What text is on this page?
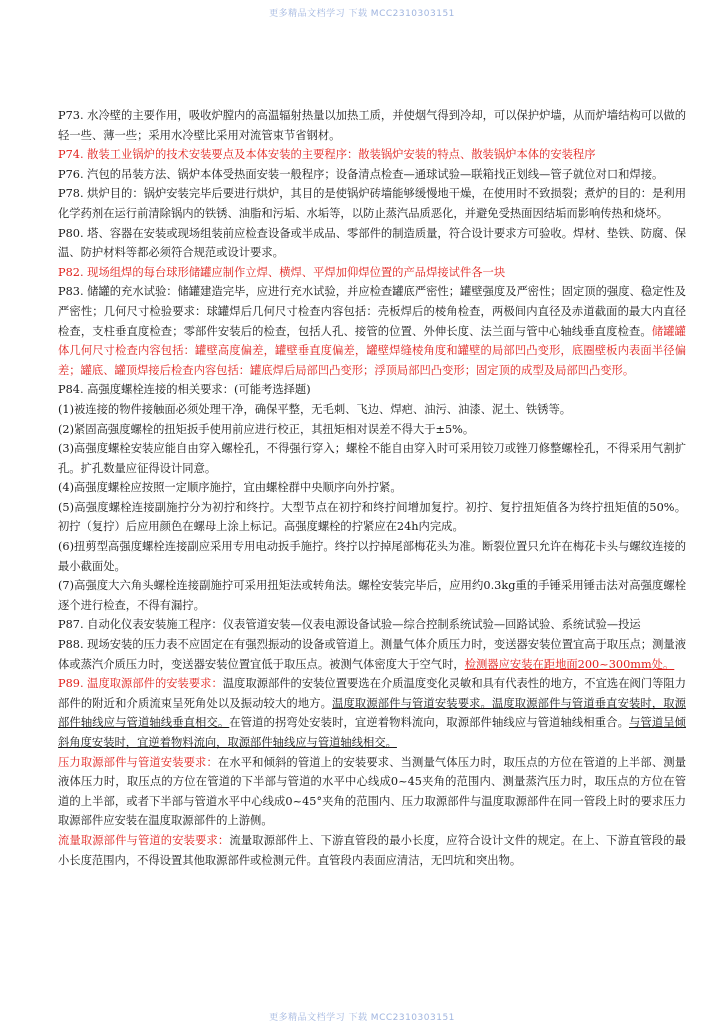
更多精品文档学习 下载 MCC2310303151

P73. 水冷壁的主要作用，吸收炉膛内的高温辐射热量以加热工质，并使烟气得到冷却，可以保护炉墙，从而炉墙结构可以做的轻一些、薄一些；采用水冷壁比采用对流管束节省钢材。

P74. 散装工业锅炉的技术安装要点及本体安装的主要程序：散装锅炉安装的特点、散装锅炉本体的安装程序

P76. 汽包的吊装方法、锅炉本体受热面安装一般程序；设备清点检查—通球试验—联箱找正划线—管子就位对口和焊接。

P78. 烘炉目的：锅炉安装完毕后要进行烘炉，其目的是使锅炉砖墙能够缓慢地干燥，在使用时不致损裂；煮炉的目的：是利用化学药剂在运行前清除锅内的铁锈、油脂和污垢、水垢等，以防止蒸汽品质恶化，并避免受热面因结垢而影响传热和烧坏。

P80. 塔、容器在安装或现场组装前应检查设备或半成品、零部件的制造质量，符合设计要求方可验收。焊材、垫铁、防腐、保温、防护材料等都必须符合规范或设计要求。

P82. 现场组焊的每台球形储罐应制作立焊、横焊、平焊加仰焊位置的产品焊接试件各一块

P83. 储罐的充水试验：储罐建造完毕，应进行充水试验，并应检查罐底严密性；罐壁强度及严密性；固定顶的强度、稳定性及严密性；几何尺寸检验要求：球罐焊后几何尺寸检查内容包括：壳板焊后的棱角检查，两极间内直径及赤道截面的最大内直径检查，支柱垂直度检查；零部件安装后的检查，包括人孔、接管的位置、外伸长度、法兰面与管中心轴线垂直度检查。储罐罐体几何尺寸检查内容包括：罐壁高度偏差，罐壁垂直度偏差，罐壁焊缝棱角度和罐壁的局部凹凸变形，底圈壁板内表面半径偏差；罐底、罐顶焊接后检查内容包括：罐底焊后局部凹凸变形；浮顶局部凹凸变形；固定顶的成型及局部凹凸变形。

P84. 高强度螺栓连接的相关要求：(可能考选择题)

(1)被连接的物件接触面必须处理干净，确保平整，无毛刺、飞边、焊疤、油污、油漆、泥土、铁锈等。

(2)紧固高强度螺栓的扭矩扳手使用前应进行校正，其扭矩相对误差不得大于±5%。

(3)高强度螺栓安装应能自由穿入螺栓孔，不得强行穿入；螺栓不能自由穿入时可采用铰刀或锉刀修整螺栓孔，不得采用气割扩孔。扩孔数量应征得设计同意。

(4)高强度螺栓应按照一定顺序施拧，宜由螺栓群中央顺序向外拧紧。

(5)高强度螺栓连接副施拧分为初拧和终拧。大型节点在初拧和终拧间增加复拧。初拧、复拧扭矩值各为终拧扭矩值的50%。初拧（复拧）后应用颜色在螺母上涂上标记。高强度螺栓的拧紧应在24h内完成。

(6)扭剪型高强度螺栓连接副应采用专用电动扳手施拧。终拧以拧掉尾部梅花头为准。断裂位置只允许在梅花卡头与螺纹连接的最小截面处。

(7)高强度大六角头螺栓连接副施拧可采用扭矩法或转角法。螺栓安装完毕后，应用约0.3kg重的手锤采用锤击法对高强度螺栓逐个进行检查，不得有漏拧。

P87. 自动化仪表安装施工程序：仪表管道安装—仪表电源设备试验—综合控制系统试验—回路试验、系统试验—投运

P88. 现场安装的压力表不应固定在有强烈振动的设备或管道上。测量气体介质压力时，变送器安装位置宜高于取压点；测量液体或蒸汽介质压力时，变送器安装位置宜低于取压点。被测气体密度大于空气时，检测器应安装在距地面200~300mm处。

P89. 温度取源部件的安装要求：温度取源部件的安装位置要选在介质温度变化灵敏和具有代表性的地方，不宜选在阀门等阻力部件的附近和介质流束呈死角处以及振动较大的地方。温度取源部件与管道安装要求。温度取源部件与管道垂直安装时，取源部件轴线应与管道轴线垂直相交。在管道的拐弯处安装时，宜逆着物料流向，取源部件轴线应与管道轴线相重合。与管道呈倾斜角度安装时，宜逆着物料流向，取源部件轴线应与管道轴线相交。

压力取源部件与管道安装要求：在水平和倾斜的管道上的安装要求、当测量气体压力时，取压点的方位在管道的上半部、测量液体压力时，取压点的方位在管道的下半部与管道的水平中心线成0~45夹角的范围内、测量蒸汽压力时，取压点的方位在管道的上半部，或者下半部与管道水平中心线成0~45°夹角的范围内、压力取源部件与温度取源部件在同一管段上时的要求压力取源部件应安装在温度取源部件的上游侧。

流量取源部件与管道的安装要求：流量取源部件上、下游直管段的最小长度，应符合设计文件的规定。在上、下游直管段的最小长度范围内，不得设置其他取源部件或检测元件。直管段内表面应清洁，无凹坑和突出物。

更多精品文档学习 下载 MCC2310303151
